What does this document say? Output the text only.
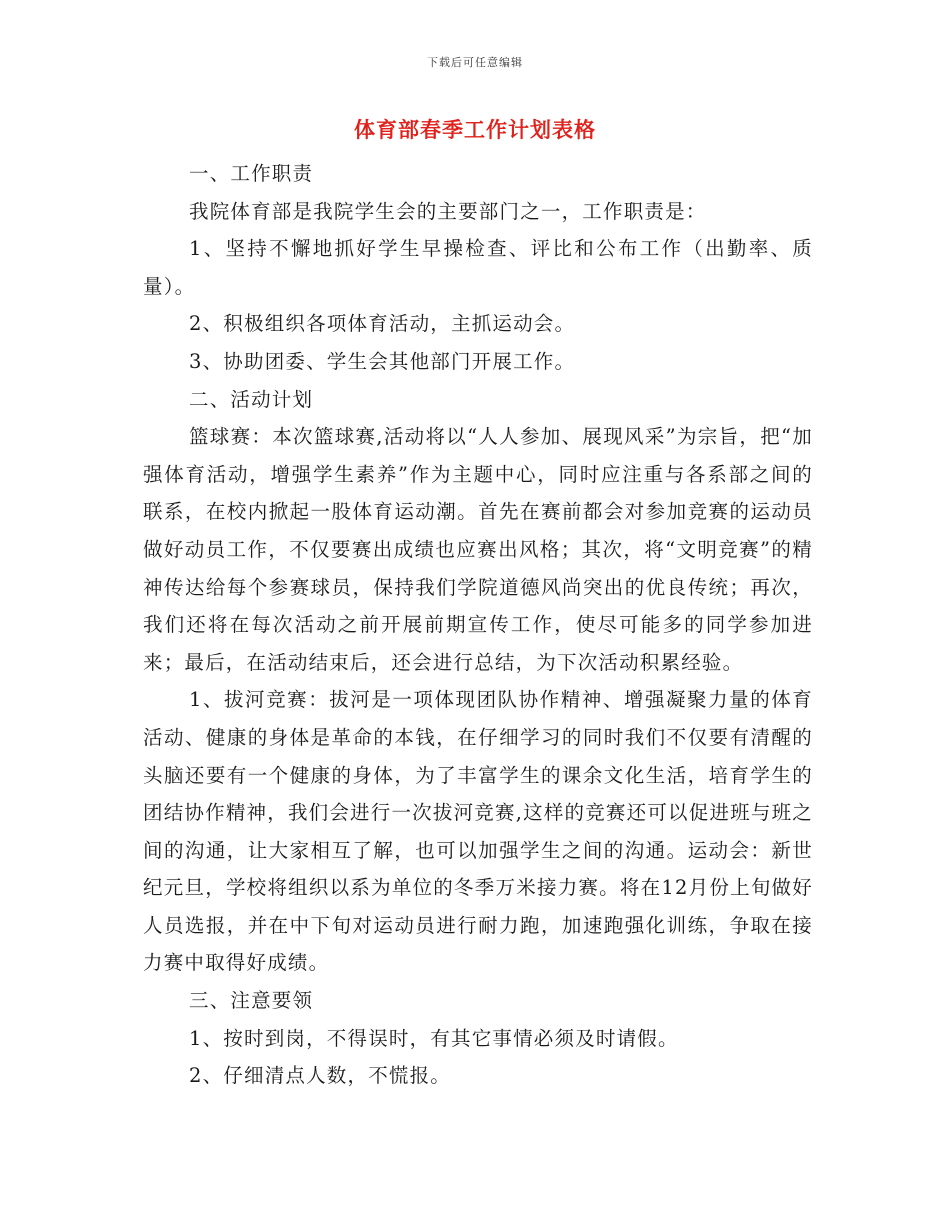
下载后可任意编辑
体育部春季工作计划表格

一、工作职责

我院体育部是我院学生会的主要部门之一，工作职责是：

1、坚持不懈地抓好学生早操检查、评比和公布工作（出勤率、质量）。

2、积极组织各项体育活动，主抓运动会。

3、协助团委、学生会其他部门开展工作。

二、活动计划

篮球赛：本次篮球赛,活动将以“人人参加、展现风采”为宗旨，把“加强体育活动，增强学生素养”作为主题中心，同时应注重与各系部之间的联系，在校内掀起一股体育运动潮。首先在赛前都会对参加竞赛的运动员做好动员工作，不仅要赛出成绩也应赛出风格；其次，将“文明竞赛”的精神传达给每个参赛球员，保持我们学院道德风尚突出的优良传统；再次，我们还将在每次活动之前开展前期宣传工作，使尽可能多的同学参加进来；最后，在活动结束后，还会进行总结，为下次活动积累经验。

1、拔河竞赛：拔河是一项体现团队协作精神、增强凝聚力量的体育活动、健康的身体是革命的本钱，在仔细学习的同时我们不仅要有清醒的头脑还要有一个健康的身体，为了丰富学生的课余文化生活，培育学生的团结协作精神，我们会进行一次拔河竞赛,这样的竞赛还可以促进班与班之间的沟通，让大家相互了解，也可以加强学生之间的沟通。运动会：新世纪元旦，学校将组织以系为单位的冬季万米接力赛。将在12月份上旬做好人员选报，并在中下旬对运动员进行耐力跑，加速跑强化训练，争取在接力赛中取得好成绩。

三、注意要领

1、按时到岗，不得误时，有其它事情必须及时请假。

2、仔细清点人数，不慌报。
